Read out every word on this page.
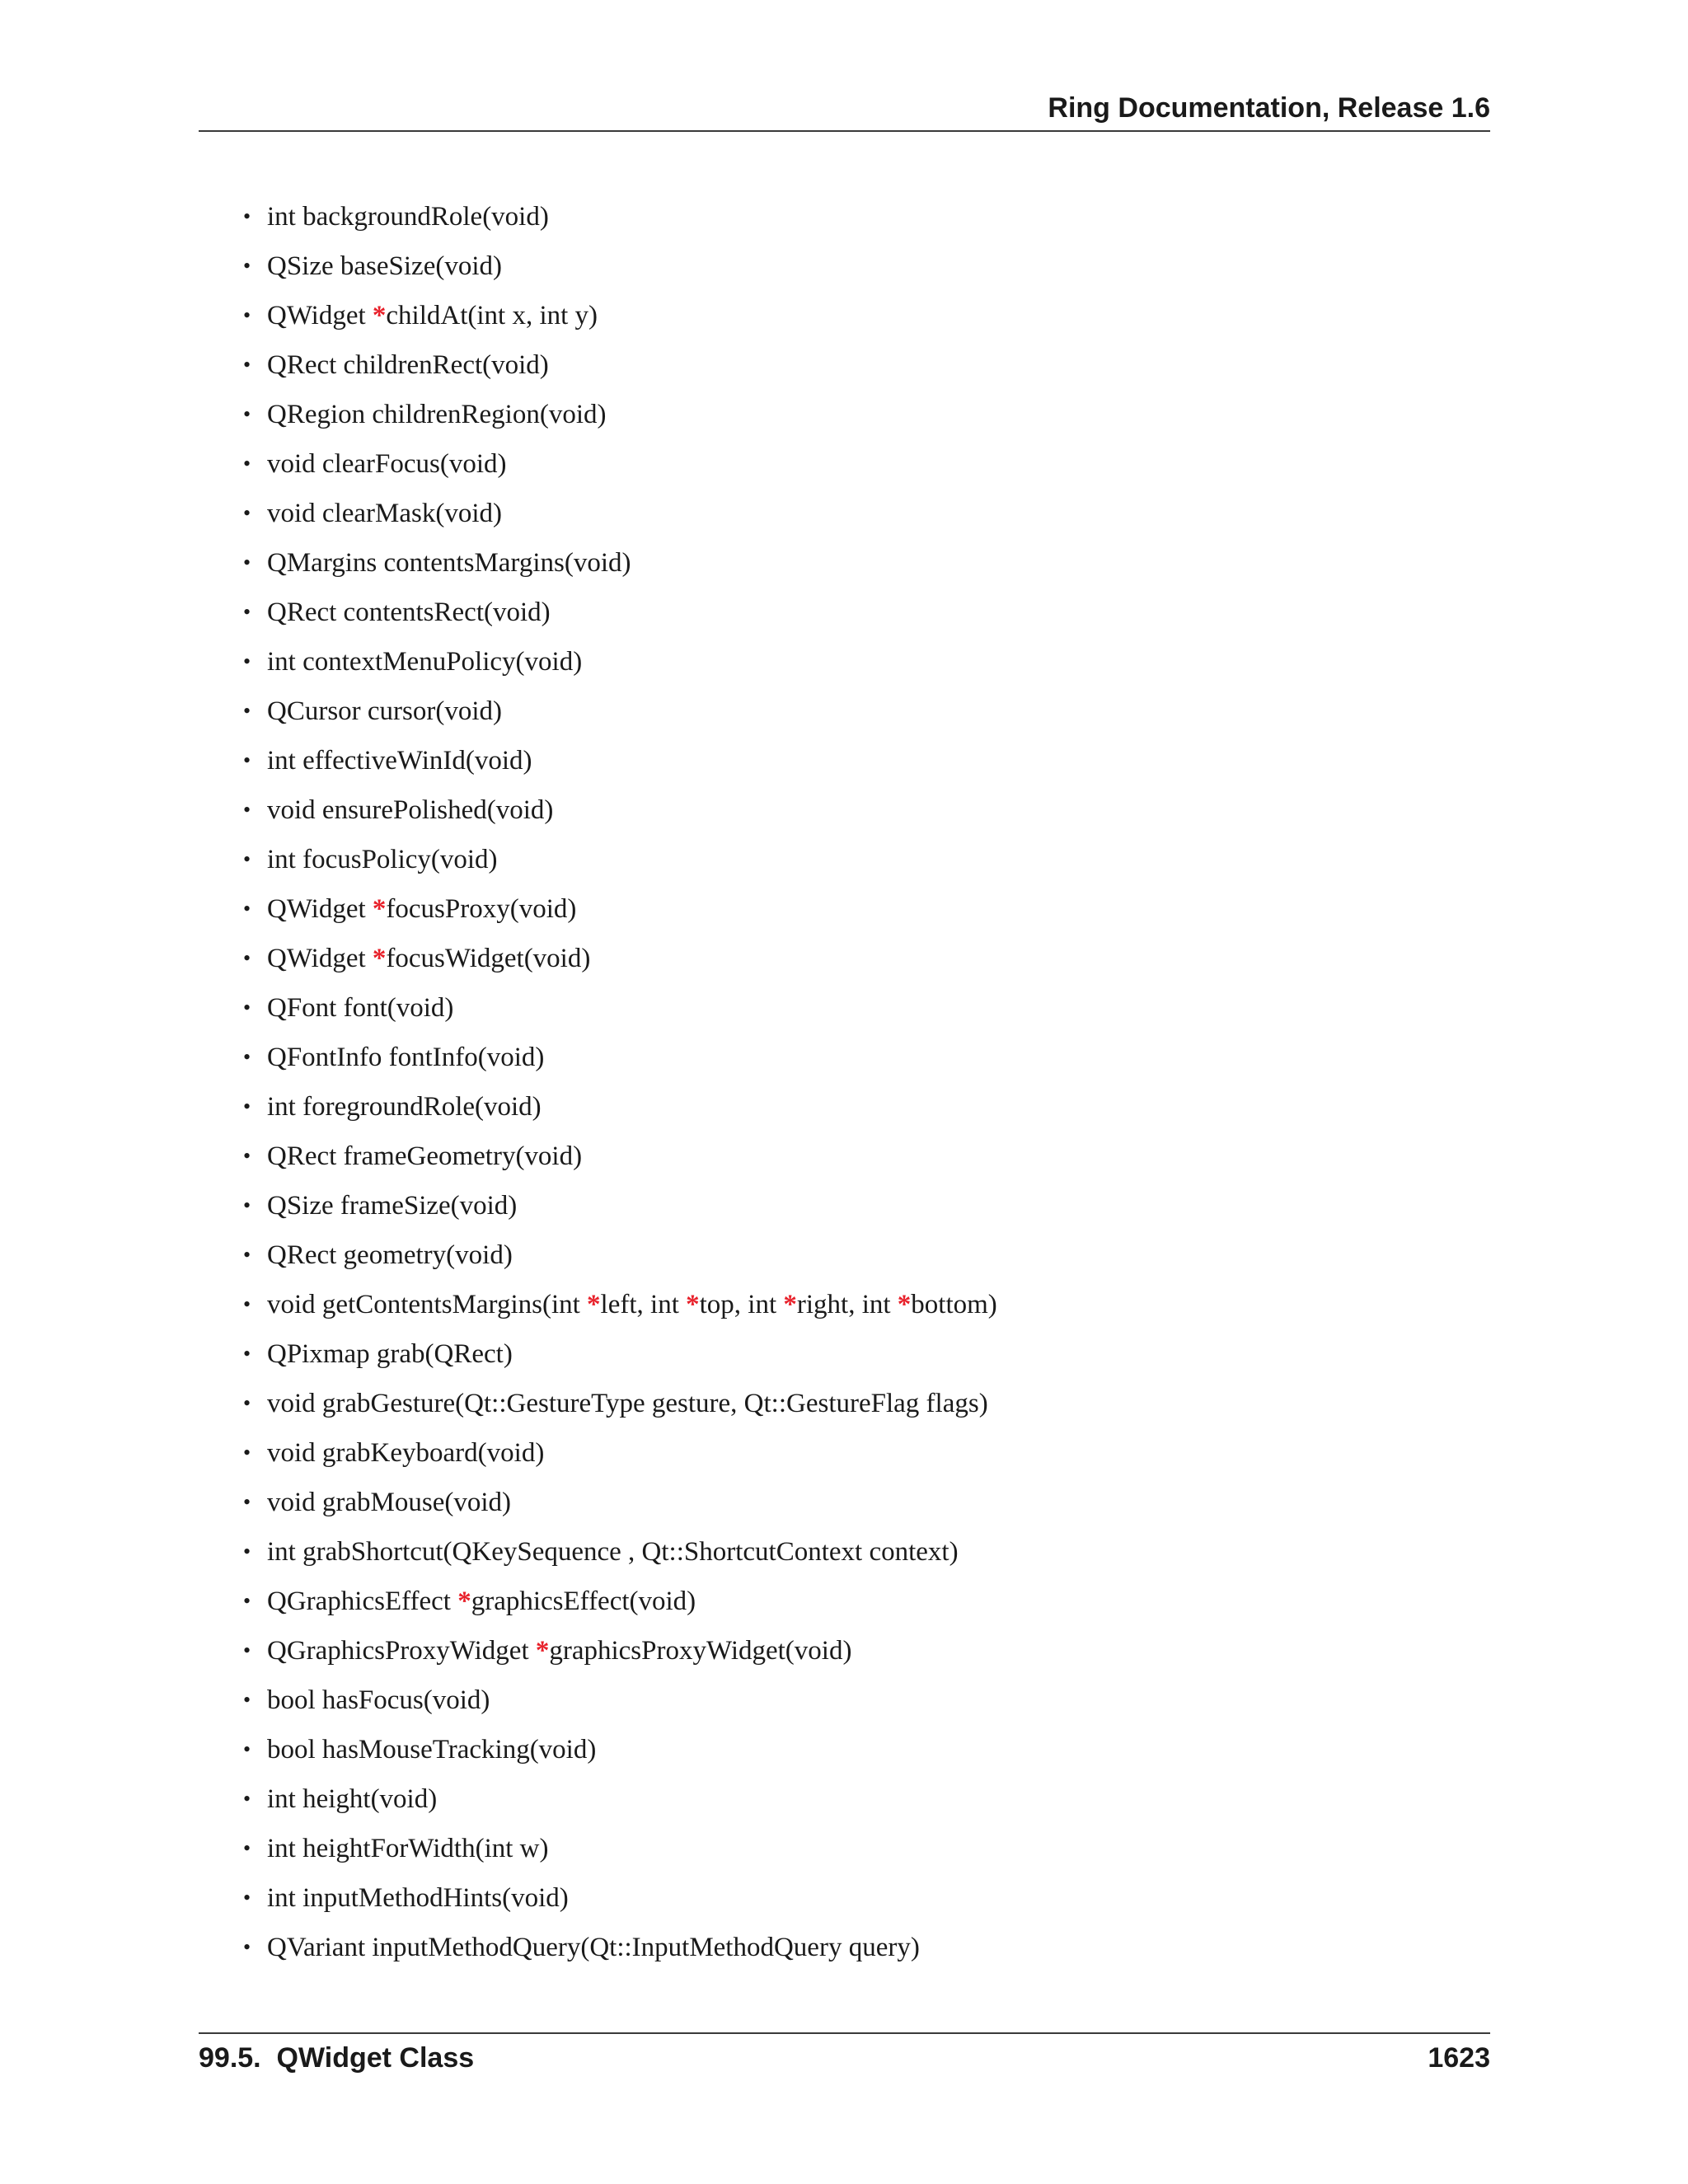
Ring Documentation, Release 1.6
• int backgroundRole(void)
• QSize baseSize(void)
• QWidget *childAt(int x, int y)
• QRect childrenRect(void)
• QRegion childrenRegion(void)
• void clearFocus(void)
• void clearMask(void)
• QMargins contentsMargins(void)
• QRect contentsRect(void)
• int contextMenuPolicy(void)
• QCursor cursor(void)
• int effectiveWinId(void)
• void ensurePolished(void)
• int focusPolicy(void)
• QWidget *focusProxy(void)
• QWidget *focusWidget(void)
• QFont font(void)
• QFontInfo fontInfo(void)
• int foregroundRole(void)
• QRect frameGeometry(void)
• QSize frameSize(void)
• QRect geometry(void)
• void getContentsMargins(int *left, int *top, int *right, int *bottom)
• QPixmap grab(QRect)
• void grabGesture(Qt::GestureType gesture, Qt::GestureFlag flags)
• void grabKeyboard(void)
• void grabMouse(void)
• int grabShortcut(QKeySequence , Qt::ShortcutContext context)
• QGraphicsEffect *graphicsEffect(void)
• QGraphicsProxyWidget *graphicsProxyWidget(void)
• bool hasFocus(void)
• bool hasMouseTracking(void)
• int height(void)
• int heightForWidth(int w)
• int inputMethodHints(void)
• QVariant inputMethodQuery(Qt::InputMethodQuery query)
99.5.  QWidget Class	1623
